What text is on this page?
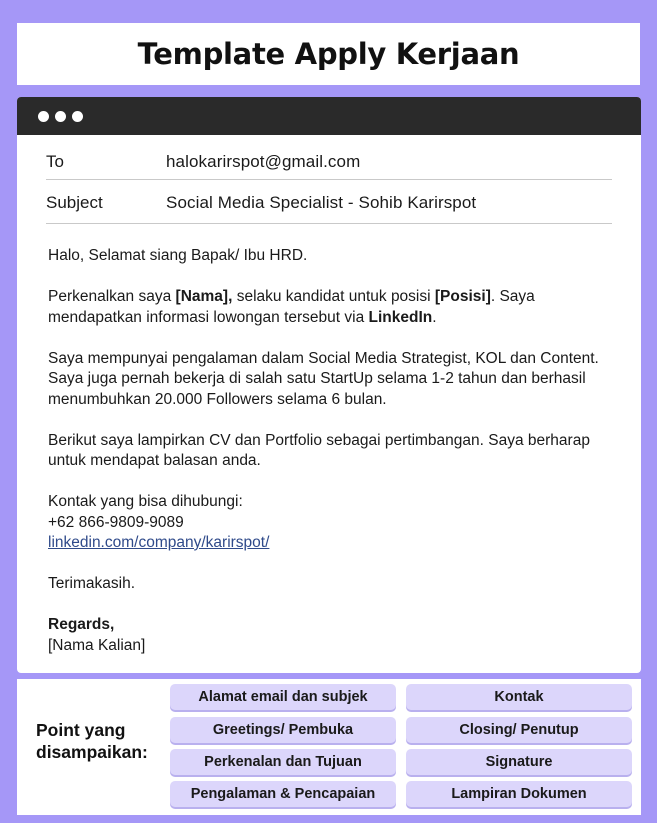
Template Apply Kerjaan
To	halokarirspot@gmail.com
Subject	Social Media Specialist - Sohib Karirspot

Halo, Selamat siang Bapak/ Ibu HRD.

Perkenalkan saya [Nama], selaku kandidat untuk posisi [Posisi]. Saya mendapatkan informasi lowongan tersebut via LinkedIn.

Saya mempunyai pengalaman dalam Social Media Strategist, KOL dan Content. Saya juga pernah bekerja di salah satu StartUp selama 1-2 tahun dan berhasil menumbuhkan 20.000 Followers selama 6 bulan.

Berikut saya lampirkan CV dan Portfolio sebagai pertimbangan. Saya berharap untuk mendapat balasan anda.

Kontak yang bisa dihubungi:
+62 866-9809-9089
linkedin.com/company/karirspot/

Terimakasih.

Regards,
[Nama Kalian]
Point yang
disampaikan:
Alamat email dan subjek	Kontak
Greetings/ Pembuka	Closing/ Penutup
Perkenalan dan Tujuan	Signature
Pengalaman & Pencapaian	Lampiran Dokumen
